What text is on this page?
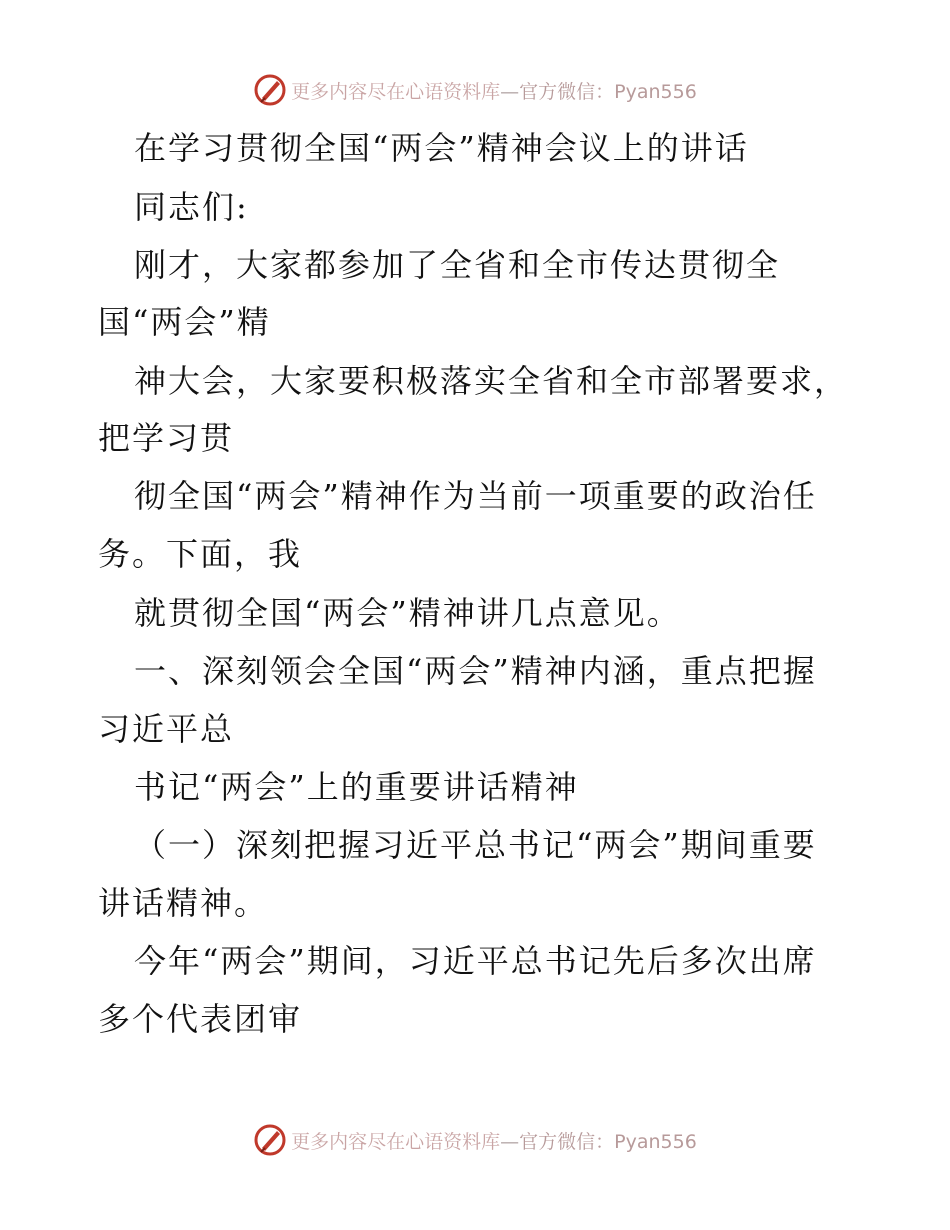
更多内容尽在心语资料库—官方微信：Pyan556
在学习贯彻全国“两会”精神会议上的讲话
同志们:
刚才，大家都参加了全省和全市传达贯彻全
国“两会”精
神大会，大家要积极落实全省和全市部署要求，
把学习贯
彻全国“两会”精神作为当前一项重要的政治任
务。下面，我
就贯彻全国“两会”精神讲几点意见。
一、深刻领会全国“两会”精神内涵，重点把握
习近平总
书记“两会”上的重要讲话精神
（一）深刻把握习近平总书记“两会”期间重要
讲话精神。
今年“两会”期间，习近平总书记先后多次出席
多个代表团审
更多内容尽在心语资料库—官方微信：Pyan556
